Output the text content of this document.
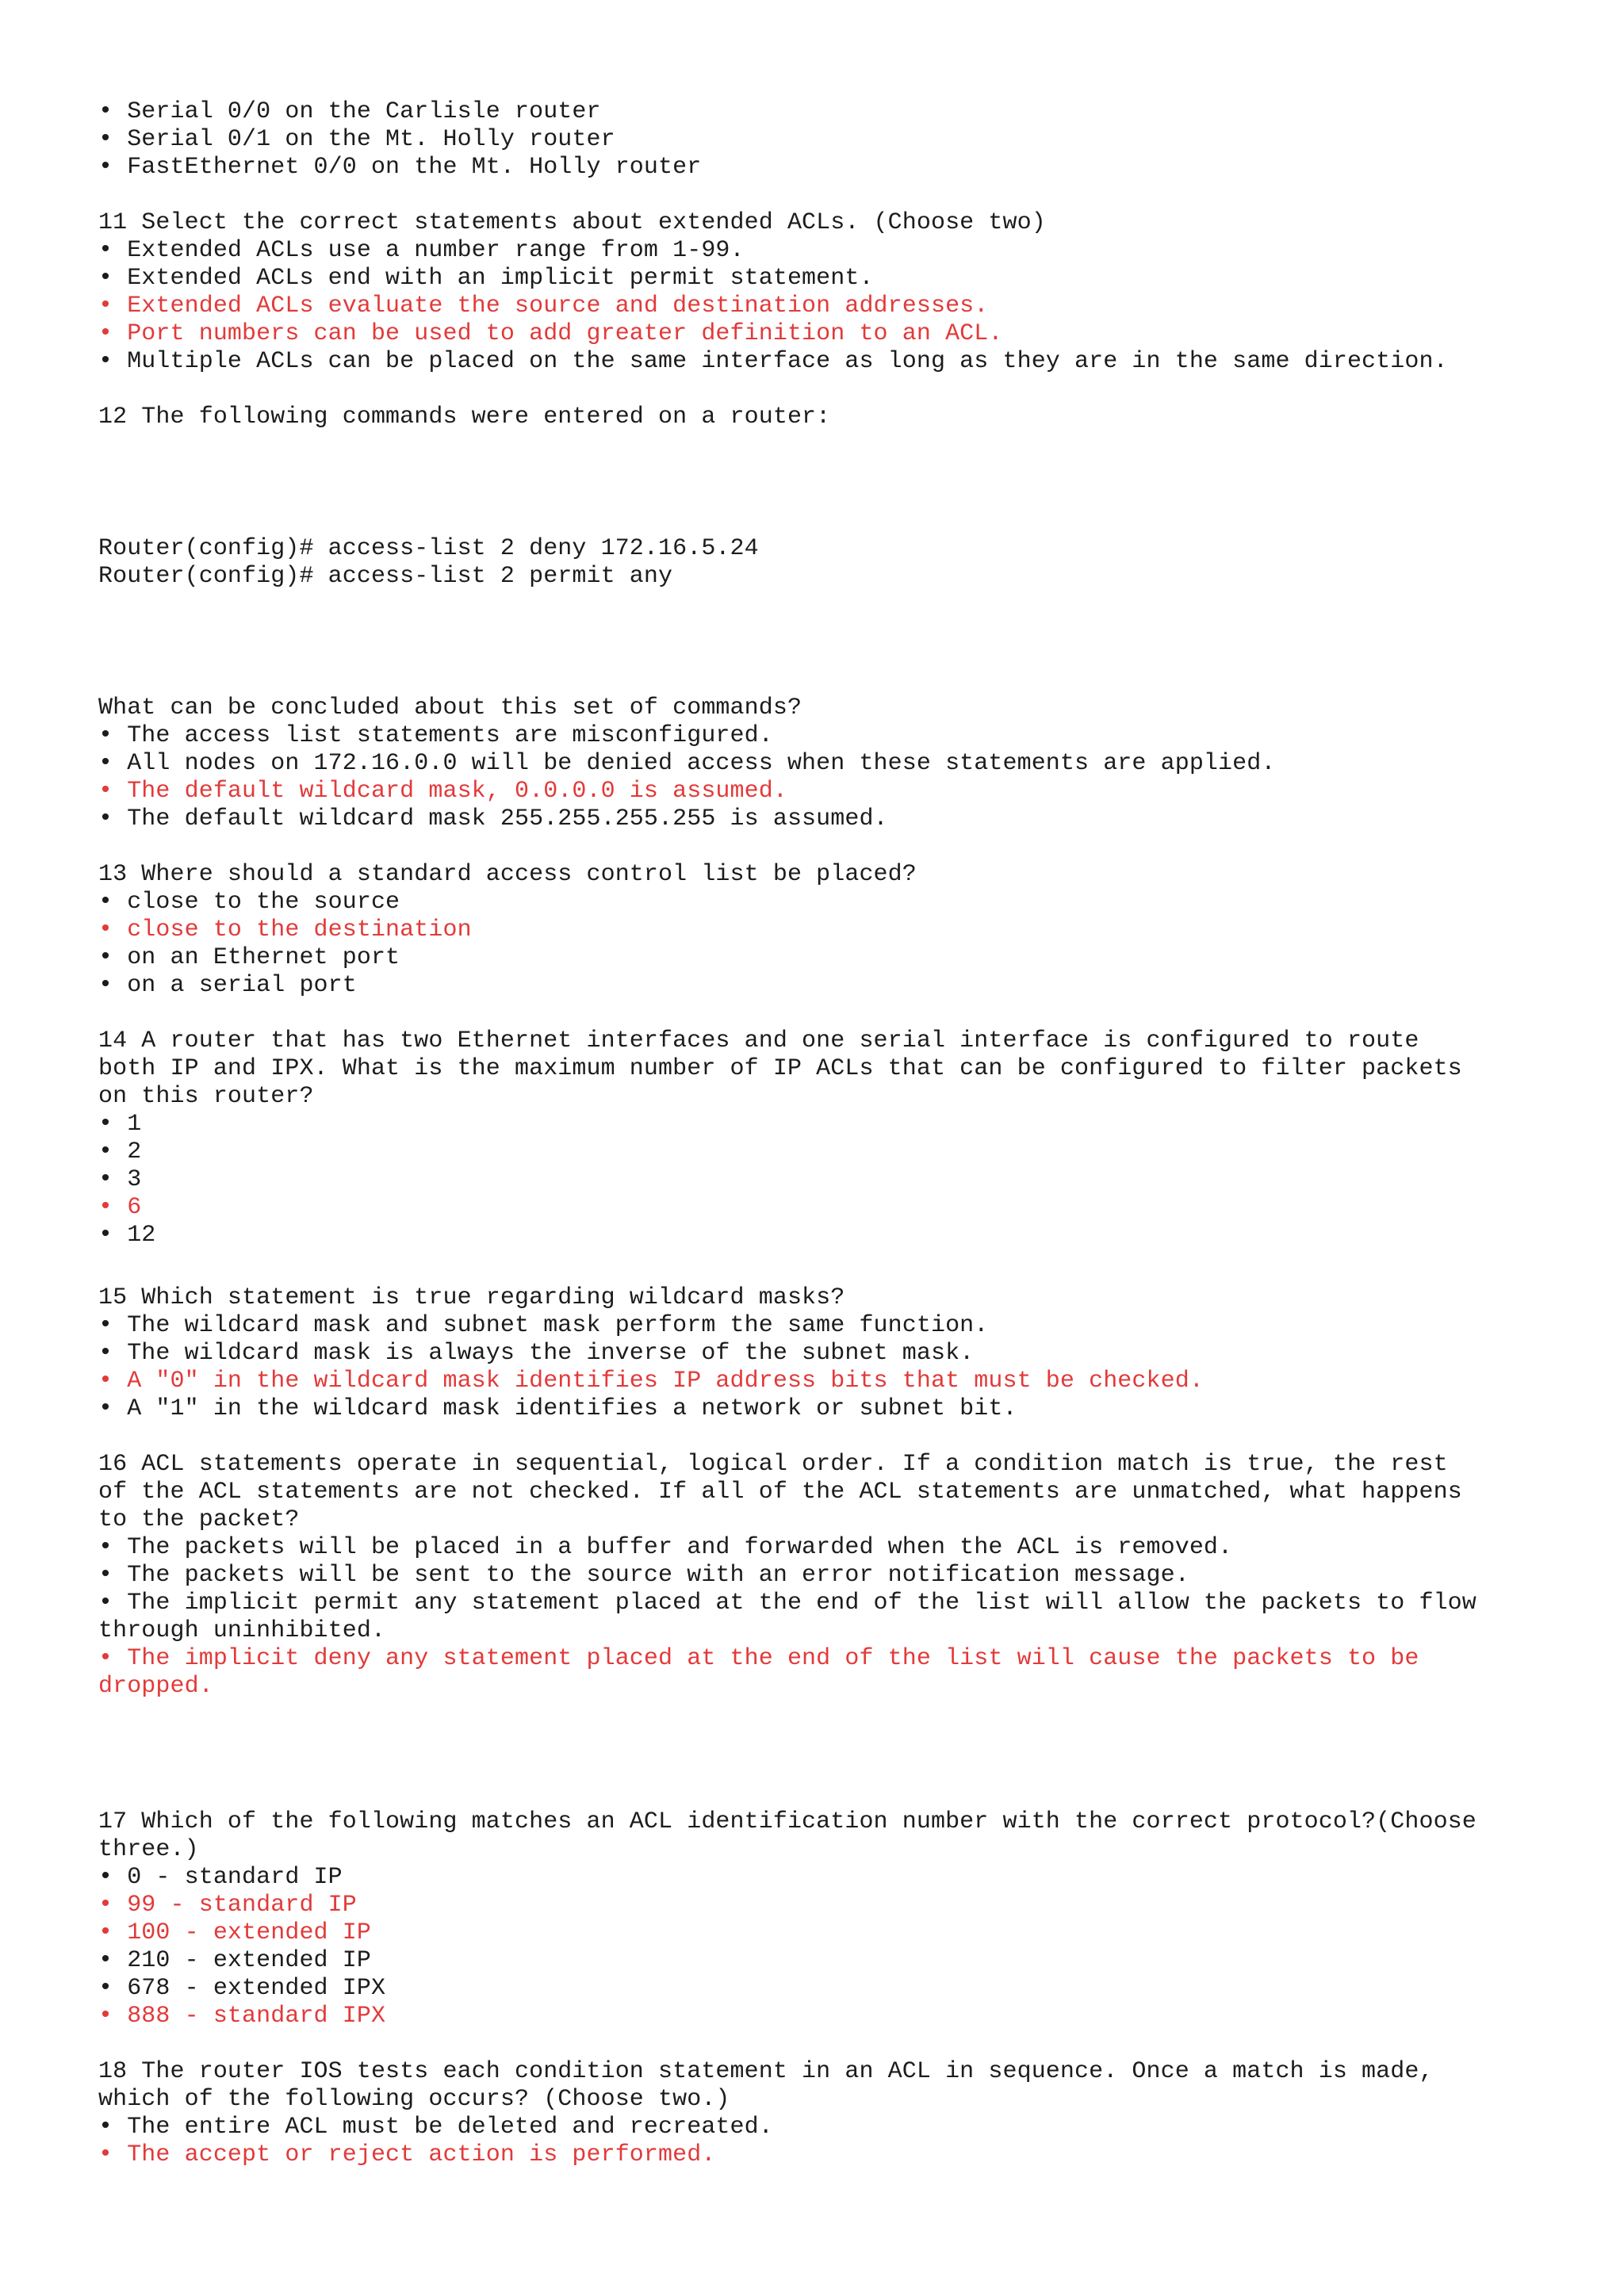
• Serial 0/0 on the Carlisle router
• Serial 0/1 on the Mt. Holly router
• FastEthernet 0/0 on the Mt. Holly router
11 Select the correct statements about extended ACLs. (Choose two)
• Extended ACLs use a number range from 1-99.
• Extended ACLs end with an implicit permit statement.
• Extended ACLs evaluate the source and destination addresses.
• Port numbers can be used to add greater definition to an ACL.
• Multiple ACLs can be placed on the same interface as long as they are in the same direction.
12 The following commands were entered on a router:
Router(config)# access-list 2 deny 172.16.5.24
Router(config)# access-list 2 permit any
What can be concluded about this set of commands?
• The access list statements are misconfigured.
• All nodes on 172.16.0.0 will be denied access when these statements are applied.
• The default wildcard mask, 0.0.0.0 is assumed.
• The default wildcard mask 255.255.255.255 is assumed.
13 Where should a standard access control list be placed?
• close to the source
• close to the destination
• on an Ethernet port
• on a serial port
14 A router that has two Ethernet interfaces and one serial interface is configured to route
both IP and IPX. What is the maximum number of IP ACLs that can be configured to filter packets
on this router?
• 1
• 2
• 3
• 6
• 12
15 Which statement is true regarding wildcard masks?
• The wildcard mask and subnet mask perform the same function.
• The wildcard mask is always the inverse of the subnet mask.
• A "0" in the wildcard mask identifies IP address bits that must be checked.
• A "1" in the wildcard mask identifies a network or subnet bit.
16 ACL statements operate in sequential, logical order. If a condition match is true, the rest
of the ACL statements are not checked. If all of the ACL statements are unmatched, what happens
to the packet?
• The packets will be placed in a buffer and forwarded when the ACL is removed.
• The packets will be sent to the source with an error notification message.
• The implicit permit any statement placed at the end of the list will allow the packets to flow
through uninhibited.
• The implicit deny any statement placed at the end of the list will cause the packets to be
dropped.
17 Which of the following matches an ACL identification number with the correct protocol?(Choose
three.)
• 0 - standard IP
• 99 - standard IP
• 100 - extended IP
• 210 - extended IP
• 678 - extended IPX
• 888 - standard IPX
18 The router IOS tests each condition statement in an ACL in sequence. Once a match is made,
which of the following occurs? (Choose two.)
• The entire ACL must be deleted and recreated.
• The accept or reject action is performed.
